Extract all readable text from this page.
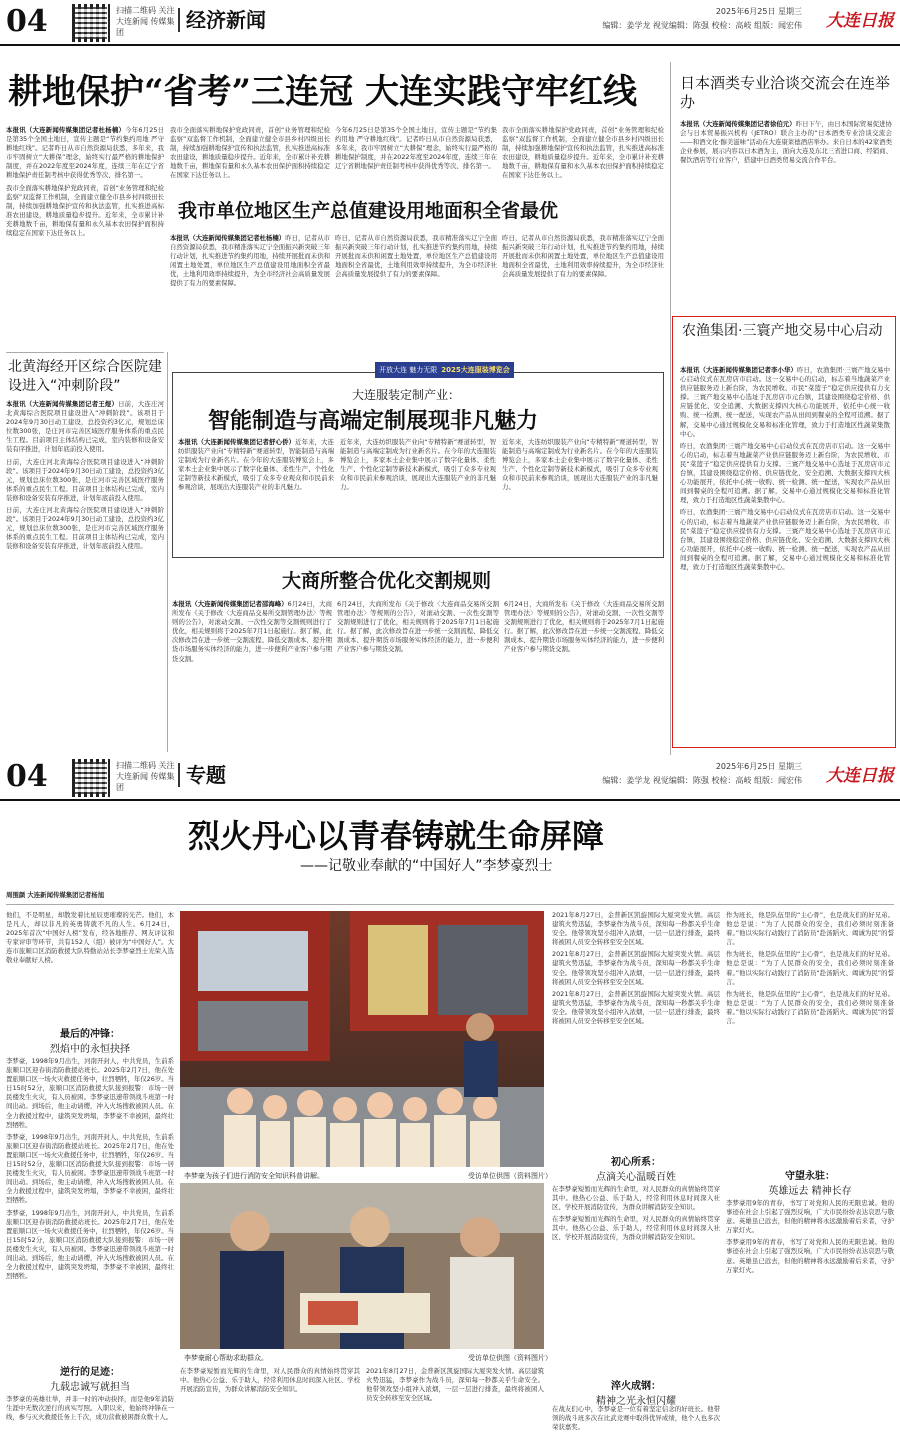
04	扫描二维码 关注大连新闻 传媒集团
经济新闻	2025年6月25日 星期三
编辑：姜学龙 视觉编辑：陈强 校检：高岐 组版：闻宏伟 大连日报
耕地保护“省考”三连冠 大连实践守牢红线
本报讯（大连新闻传媒集团记者杜杨楠）今年6月25日是第35个全国土地日，宣传主题是“节约集约用地 严守耕地红线”。记者昨日从市自然资源局获悉，多年来，我市牢固树立“大耕保”理念，始终实行最严格的耕地保护制度，并在2022年度至2024年度，连续三年在辽宁省耕地保护责任制考核中获得优秀等次、排名第一。

我市全面落实耕地保护党政同责，首创“业务管理和纪检监察”双监督工作机制，全面建立健全市县乡村四级田长制，持续加强耕地保护宣传和执法监管，扎实推进高标准农田建设，耕地质量稳步提升。近年来，全市累计补充耕地数千亩，耕地保有量和永久基本农田保护面积持续稳定在国家下达任务以上。

我市全面落实耕地保护党政同责，首创“业务管理和纪检监察”双监督工作机制，全面建立健全市县乡村四级田长制，持续加强耕地保护宣传和执法监管，扎实推进高标准农田建设，耕地质量稳步提升。近年来，全市累计补充耕地数千亩，耕地保有量和永久基本农田保护面积持续稳定在国家下达任务以上。
今年6月25日是第35个全国土地日，宣传主题是“节约集约用地 严守耕地红线”。记者昨日从市自然资源局获悉，多年来，我市牢固树立“大耕保”理念，始终实行最严格的耕地保护制度，并在2022年度至2024年度，连续三年在辽宁省耕地保护责任制考核中获得优秀等次、排名第一。
我市全面落实耕地保护党政同责，首创“业务管理和纪检监察”双监督工作机制，全面建立健全市县乡村四级田长制，持续加强耕地保护宣传和执法监管，扎实推进高标准农田建设，耕地质量稳步提升。近年来，全市累计补充耕地数千亩，耕地保有量和永久基本农田保护面积持续稳定在国家下达任务以上。
我市单位地区生产总值建设用地面积全省最优
本报讯（大连新闻传媒集团记者杜杨楠）昨日，记者从市自然资源局获悉，我市精准落实辽宁全面振兴新突破三年行动计划，扎实推进节约集约用地，持续开展批而未供和闲置土地处置，单位地区生产总值建设用地面积全省最优，土地利用效率持续提升，为全市经济社会高质量发展提供了有力的要素保障。
昨日，记者从市自然资源局获悉，我市精准落实辽宁全面振兴新突破三年行动计划，扎实推进节约集约用地，持续开展批而未供和闲置土地处置，单位地区生产总值建设用地面积全省最优，土地利用效率持续提升，为全市经济社会高质量发展提供了有力的要素保障。
昨日，记者从市自然资源局获悉，我市精准落实辽宁全面振兴新突破三年行动计划，扎实推进节约集约用地，持续开展批而未供和闲置土地处置，单位地区生产总值建设用地面积全省最优，土地利用效率持续提升，为全市经济社会高质量发展提供了有力的要素保障。
日本酒类专业洽谈交流会在连举办
本报讯（大连新闻传媒集团记者徐伯元）昨日下午，由日本国际贸易促进协会与日本贸易振兴机构（JETRO）联合主办的“日本酒类专业洽谈交流会——和酒文化·醇美滋味”活动在大连康莱德酒店举办。来自日本的42家酒类企业参展，展示内容以日本酒为主，面向大连及东北三省进口商、经销商、餐饮酒店等行业客户，搭建中日酒类贸易交流合作平台。
农渔集团·三寰产地交易中心启动
本报讯（大连新闻传媒集团记者李小华）昨日，农渔集团·三寰产地交易中心启动仪式在瓦房店市启动。这一交易中心的启动，标志着当地蔬菜产业供应链服务迈上新台阶，为农民增收、市民“菜篮子”稳定供应提供有力支撑。三寰产地交易中心选址于瓦房店市元台镇，其建设围绕稳定价格、供应链优化、安全追溯、大数据支撑四大核心功能展开，依托中心统一收购、统一检测、统一配送，实现农产品从田间到餐桌的全程可追溯。据了解，交易中心通过规模化交易和标准化管理，致力于打造地区性蔬菜集散中心。

昨日，农渔集团·三寰产地交易中心启动仪式在瓦房店市启动。这一交易中心的启动，标志着当地蔬菜产业供应链服务迈上新台阶，为农民增收、市民“菜篮子”稳定供应提供有力支撑。三寰产地交易中心选址于瓦房店市元台镇，其建设围绕稳定价格、供应链优化、安全追溯、大数据支撑四大核心功能展开，依托中心统一收购、统一检测、统一配送，实现农产品从田间到餐桌的全程可追溯。据了解，交易中心通过规模化交易和标准化管理，致力于打造地区性蔬菜集散中心。

昨日，农渔集团·三寰产地交易中心启动仪式在瓦房店市启动。这一交易中心的启动，标志着当地蔬菜产业供应链服务迈上新台阶，为农民增收、市民“菜篮子”稳定供应提供有力支撑。三寰产地交易中心选址于瓦房店市元台镇，其建设围绕稳定价格、供应链优化、安全追溯、大数据支撑四大核心功能展开，依托中心统一收购、统一检测、统一配送，实现农产品从田间到餐桌的全程可追溯。据了解，交易中心通过规模化交易和标准化管理，致力于打造地区性蔬菜集散中心。

北黄海经开区综合医院建设进入“冲刺阶段”
本报讯（大连新闻传媒集团记者王煜）日前，大连庄河北黄海综合医院项目建设进入“冲刺阶段”。该项目于2024年9月30日动工建设，总投资约3亿元，规划总床位数300张，是庄河市完善区域医疗服务体系的重点民生工程。目前项目主体结构已完成，室内装修和设备安装有序推进，计划年底前投入使用。

日前，大连庄河北黄海综合医院项目建设进入“冲刺阶段”。该项目于2024年9月30日动工建设，总投资约3亿元，规划总床位数300张，是庄河市完善区域医疗服务体系的重点民生工程。目前项目主体结构已完成，室内装修和设备安装有序推进，计划年底前投入使用。

日前，大连庄河北黄海综合医院项目建设进入“冲刺阶段”。该项目于2024年9月30日动工建设，总投资约3亿元，规划总床位数300张，是庄河市完善区域医疗服务体系的重点民生工程。目前项目主体结构已完成，室内装修和设备安装有序推进，计划年底前投入使用。

开放大连 魅力无限 2025大连服装博览会
大连服装定制产业：
智能制造与高端定制展现非凡魅力
本报讯（大连新闻传媒集团记者舒心侨）近年来，大连纺织服装产业向“专精特新”赛道转型，智能制造与高端定制成为行业新名片。在今年的大连服装博览会上，多家本土企业集中展示了数字化量体、柔性生产、个性化定制等新技术新模式，吸引了众多专业观众和市民前来参观洽谈，展现出大连服装产业的非凡魅力。
近年来，大连纺织服装产业向“专精特新”赛道转型，智能制造与高端定制成为行业新名片。在今年的大连服装博览会上，多家本土企业集中展示了数字化量体、柔性生产、个性化定制等新技术新模式，吸引了众多专业观众和市民前来参观洽谈，展现出大连服装产业的非凡魅力。
近年来，大连纺织服装产业向“专精特新”赛道转型，智能制造与高端定制成为行业新名片。在今年的大连服装博览会上，多家本土企业集中展示了数字化量体、柔性生产、个性化定制等新技术新模式，吸引了众多专业观众和市民前来参观洽谈，展现出大连服装产业的非凡魅力。
大商所整合优化交割规则
本报讯（大连新闻传媒集团记者邵海峰）6月24日，大商所发布《关于修改〈大连商品交易所交割管理办法〉等规则的公告》，对滚动交割、一次性交割等交割规则进行了优化，相关规则将于2025年7月1日起施行。据了解，此次修改旨在进一步统一交割流程、降低交割成本、提升期货市场服务实体经济的能力，进一步便利产业客户参与期货交割。
6月24日，大商所发布《关于修改〈大连商品交易所交割管理办法〉等规则的公告》，对滚动交割、一次性交割等交割规则进行了优化，相关规则将于2025年7月1日起施行。据了解，此次修改旨在进一步统一交割流程、降低交割成本、提升期货市场服务实体经济的能力，进一步便利产业客户参与期货交割。
6月24日，大商所发布《关于修改〈大连商品交易所交割管理办法〉等规则的公告》，对滚动交割、一次性交割等交割规则进行了优化，相关规则将于2025年7月1日起施行。据了解，此次修改旨在进一步统一交割流程、降低交割成本、提升期货市场服务实体经济的能力，进一步便利产业客户参与期货交割。
04	扫描二维码 关注大连新闻 传媒集团
专题	2025年6月25日 星期三
编辑：姜学龙 视觉编辑：陈强 校检：高岐 组版：闻宏伟 大连日报
烈火丹心以青春铸就生命屏障
——记敬业奉献的“中国好人”李梦豪烈士
周围颜 大连新闻传媒集团记者杨旭
他们，不是明星，却散发着比星辰更璀璨的光芒。他们，本是凡人，却以非凡的英勇铸就不凡的人生。6月24日，2025年首次“中国好人榜”发布，经各地推荐、网友评议和专家评审等环节，共有152人（组）被评为“中国好人”。大连市旅顺口区消防救援大队特勤站站长李梦豪烈士光荣入选敬业奉献好人榜。
最后的冲锋：
烈焰中的永恒抉择

李梦豪，1998年9月出生，河南开封人，中共党员，生前系旅顺口区迎春街消防救援站班长。2025年2月7日，他在处置旅顺口区一场火灾救援任务中，壮烈牺牲，年仅26岁。当日15时52分，旅顺口区消防救援大队接到报警：市场一居民楼发生火灾，有人员被困。李梦豪迅速带领战斗班第一时间出动。到场后，他主动请缨，冲入火场搜救被困人员。在全力救援过程中，建筑突发坍塌，李梦豪不幸被困，最终壮烈牺牲。

李梦豪，1998年9月出生，河南开封人，中共党员，生前系旅顺口区迎春街消防救援站班长。2025年2月7日，他在处置旅顺口区一场火灾救援任务中，壮烈牺牲，年仅26岁。当日15时52分，旅顺口区消防救援大队接到报警：市场一居民楼发生火灾，有人员被困。李梦豪迅速带领战斗班第一时间出动。到场后，他主动请缨，冲入火场搜救被困人员。在全力救援过程中，建筑突发坍塌，李梦豪不幸被困，最终壮烈牺牲。

李梦豪，1998年9月出生，河南开封人，中共党员，生前系旅顺口区迎春街消防救援站班长。2025年2月7日，他在处置旅顺口区一场火灾救援任务中，壮烈牺牲，年仅26岁。当日15时52分，旅顺口区消防救援大队接到报警：市场一居民楼发生火灾，有人员被困。李梦豪迅速带领战斗班第一时间出动。到场后，他主动请缨，冲入火场搜救被困人员。在全力救援过程中，建筑突发坍塌，李梦豪不幸被困，最终壮烈牺牲。

逆行的足迹：
九载忠诚写就担当
李梦豪的英雄壮举，并非一时的冲动抉择，而是他9年消防生涯中无数次逆行的真实写照。入职以来，他始终冲锋在一线，参与灭火救援任务上千次，成功营救被困群众数十人。
李梦豪为孩子们进行消防安全知识科普讲解。	受访单位供图（资料图片）
李梦豪耐心帮助求助群众。	受访单位供图（资料图片）
在李梦豪短暂而光辉的生命里，对人民群众的真情始终贯穿其中。他热心公益、乐于助人，经常利用休息时间深入社区、学校开展消防宣传，为群众讲解消防安全知识。
2021年8月27日，金普新区凯旋国际大厦突发火情。高层建筑火势迅猛，李梦豪作为战斗员，深知每一秒都关乎生命安全。他带领攻坚小组冲入浓烟，一层一层进行排查，最终将被困人员安全转移至安全区域。

2021年8月27日，金普新区凯旋国际大厦突发火情。高层建筑火势迅猛，李梦豪作为战斗员，深知每一秒都关乎生命安全。他带领攻坚小组冲入浓烟，一层一层进行排查，最终将被困人员安全转移至安全区域。

2021年8月27日，金普新区凯旋国际大厦突发火情。高层建筑火势迅猛，李梦豪作为战斗员，深知每一秒都关乎生命安全。他带领攻坚小组冲入浓烟，一层一层进行排查，最终将被困人员安全转移至安全区域。

2021年8月27日，金普新区凯旋国际大厦突发火情。高层建筑火势迅猛，李梦豪作为战斗员，深知每一秒都关乎生命安全。他带领攻坚小组冲入浓烟，一层一层进行排查，最终将被困人员安全转移至安全区域。

初心所系：
点滴关心温暖百姓

在李梦豪短暂而光辉的生命里，对人民群众的真情始终贯穿其中。他热心公益、乐于助人，经常利用休息时间深入社区、学校开展消防宣传，为群众讲解消防安全知识。

在李梦豪短暂而光辉的生命里，对人民群众的真情始终贯穿其中。他热心公益、乐于助人，经常利用休息时间深入社区、学校开展消防宣传，为群众讲解消防安全知识。

淬火成钢：
精神之光永恒闪耀
在战友们心中，李梦豪是一位有着坚定信念的好班长。他带领的战斗班多次在比武竞赛中取得优异成绩，他个人也多次荣获嘉奖。

作为班长，他是队伍里的“主心骨”，也是战友们的好兄弟。他总是说：“为了人民群众的安全，我们必须时刻准备着。”他以实际行动践行了消防员“赴汤蹈火、竭诚为民”的誓言。

作为班长，他是队伍里的“主心骨”，也是战友们的好兄弟。他总是说：“为了人民群众的安全，我们必须时刻准备着。”他以实际行动践行了消防员“赴汤蹈火、竭诚为民”的誓言。

作为班长，他是队伍里的“主心骨”，也是战友们的好兄弟。他总是说：“为了人民群众的安全，我们必须时刻准备着。”他以实际行动践行了消防员“赴汤蹈火、竭诚为民”的誓言。

守望永驻：
英雄远去 精神长存

李梦豪用9年的青春，书写了对党和人民的无限忠诚。他的事迹在社会上引起了强烈反响，广大市民纷纷表达哀思与敬意。英雄虽已远去，但他的精神将永远激励着后来者，守护万家灯火。

李梦豪用9年的青春，书写了对党和人民的无限忠诚。他的事迹在社会上引起了强烈反响，广大市民纷纷表达哀思与敬意。英雄虽已远去，但他的精神将永远激励着后来者，守护万家灯火。
